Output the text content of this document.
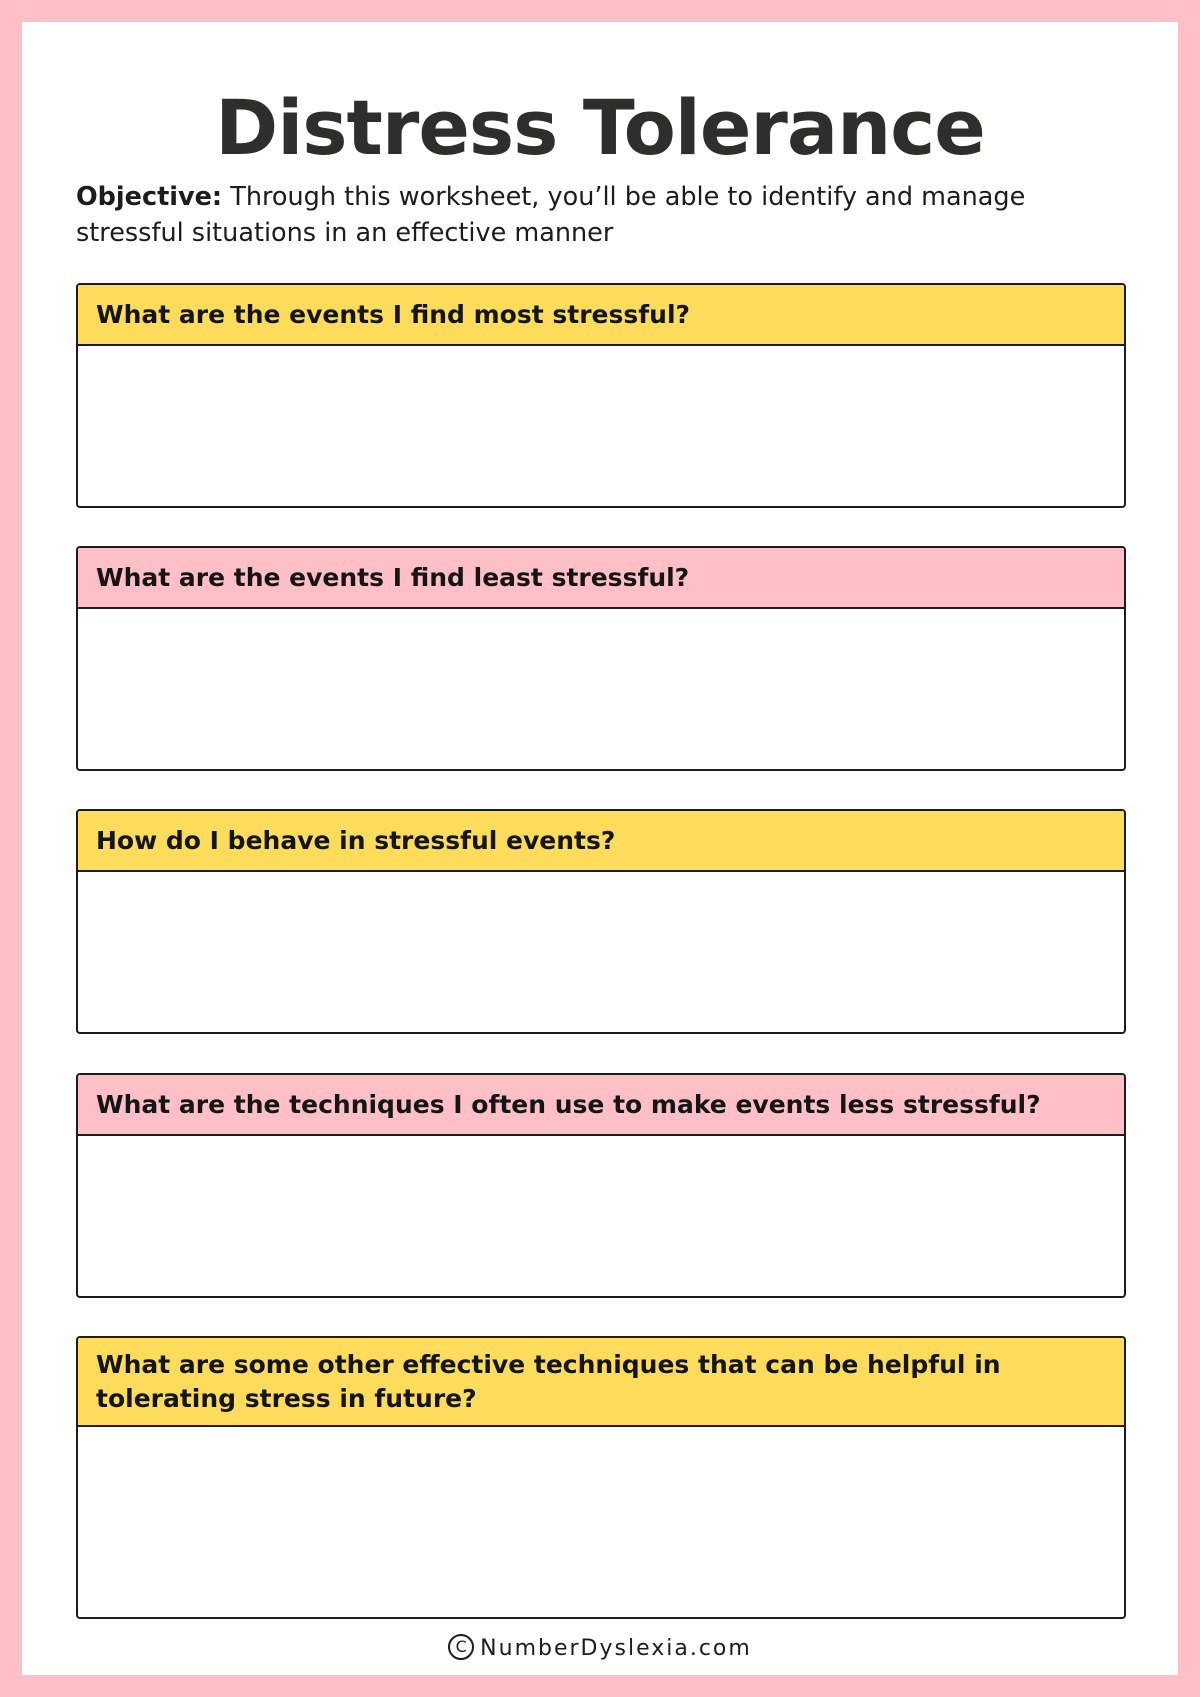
Distress Tolerance

Objective: Through this worksheet, you’ll be able to identify and manage stressful situations in an effective manner

What are the events I find most stressful?
What are the events I find least stressful?
How do I behave in stressful events?
What are the techniques I often use to make events less stressful?
What are some other effective techniques that can be helpful in tolerating stress in future?
C NumberDyslexia.com
